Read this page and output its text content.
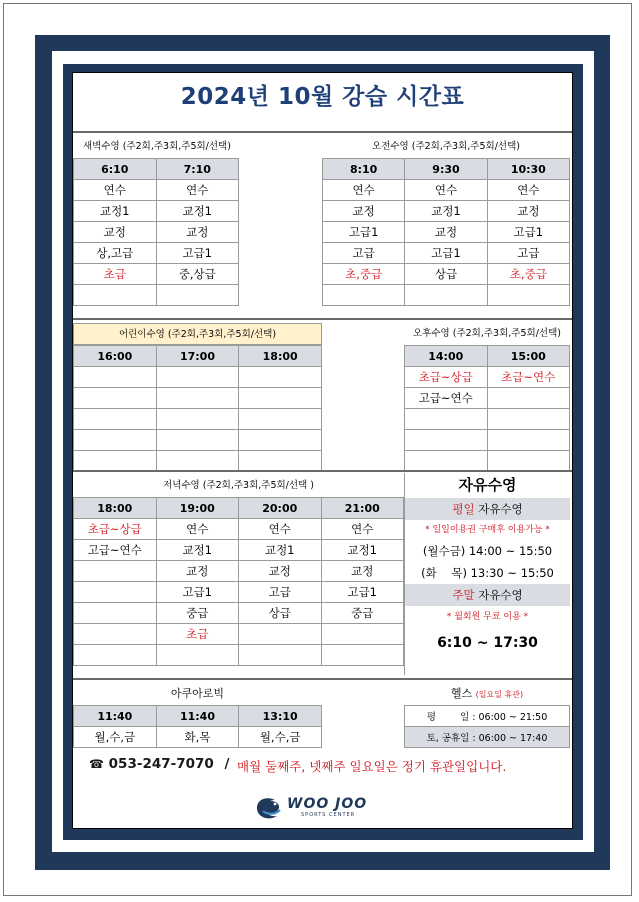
2024년 10월 강습 시간표
새벽수영 (주2회,주3회,주5회/선택)
6:10	7:10
연수	연수
교정1	교정1
교정	교정
상,고급	고급1
초급	중,상급

오전수영 (주2회,주3회,주5회/선택)
8:10	9:30	10:30
연수	연수	연수
교정	교정1	교정
고급1	교정	고급1
고급	고급1	고급
초,중급	상급	초,중급

어린이수영 (주2회,주3회,주5회/선택)
16:00	17:00	18:00

오후수영 (주2회,주3회,주5회/선택)
14:00	15:00
초급~상급	초급~연수
고급~연수	

저녁수영 (주2회,주3회,주5회/선택 )
18:00	19:00	20:00	21:00
초급~상급	연수	연수	연수
고급~연수	교정1	교정1	교정1
	교정	교정	교정
	고급1	고급	고급1
	중급	상급	중급
	초급		

자유수영
평일 자유수영
* 일일이용권 구매후 이용가능 *
(월수금) 14:00 ~ 15:50
(화    목) 13:30 ~ 15:50
주말 자유수영
* 월회원 무료 이용 *
6:10 ~ 17:30
아쿠아로빅
11:40	11:40	13:10
월,수,금	화,목	월,수,금
헬스 (일요일 휴관)
평        일 : 06:00 ~ 21:50
토, 공휴일 : 06:00 ~ 17:40
☎ 053-247-7070 / 매월 둘째주, 넷째주 일요일은 정기 휴관일입니다.
WOO JOO
SPORTS CENTER
